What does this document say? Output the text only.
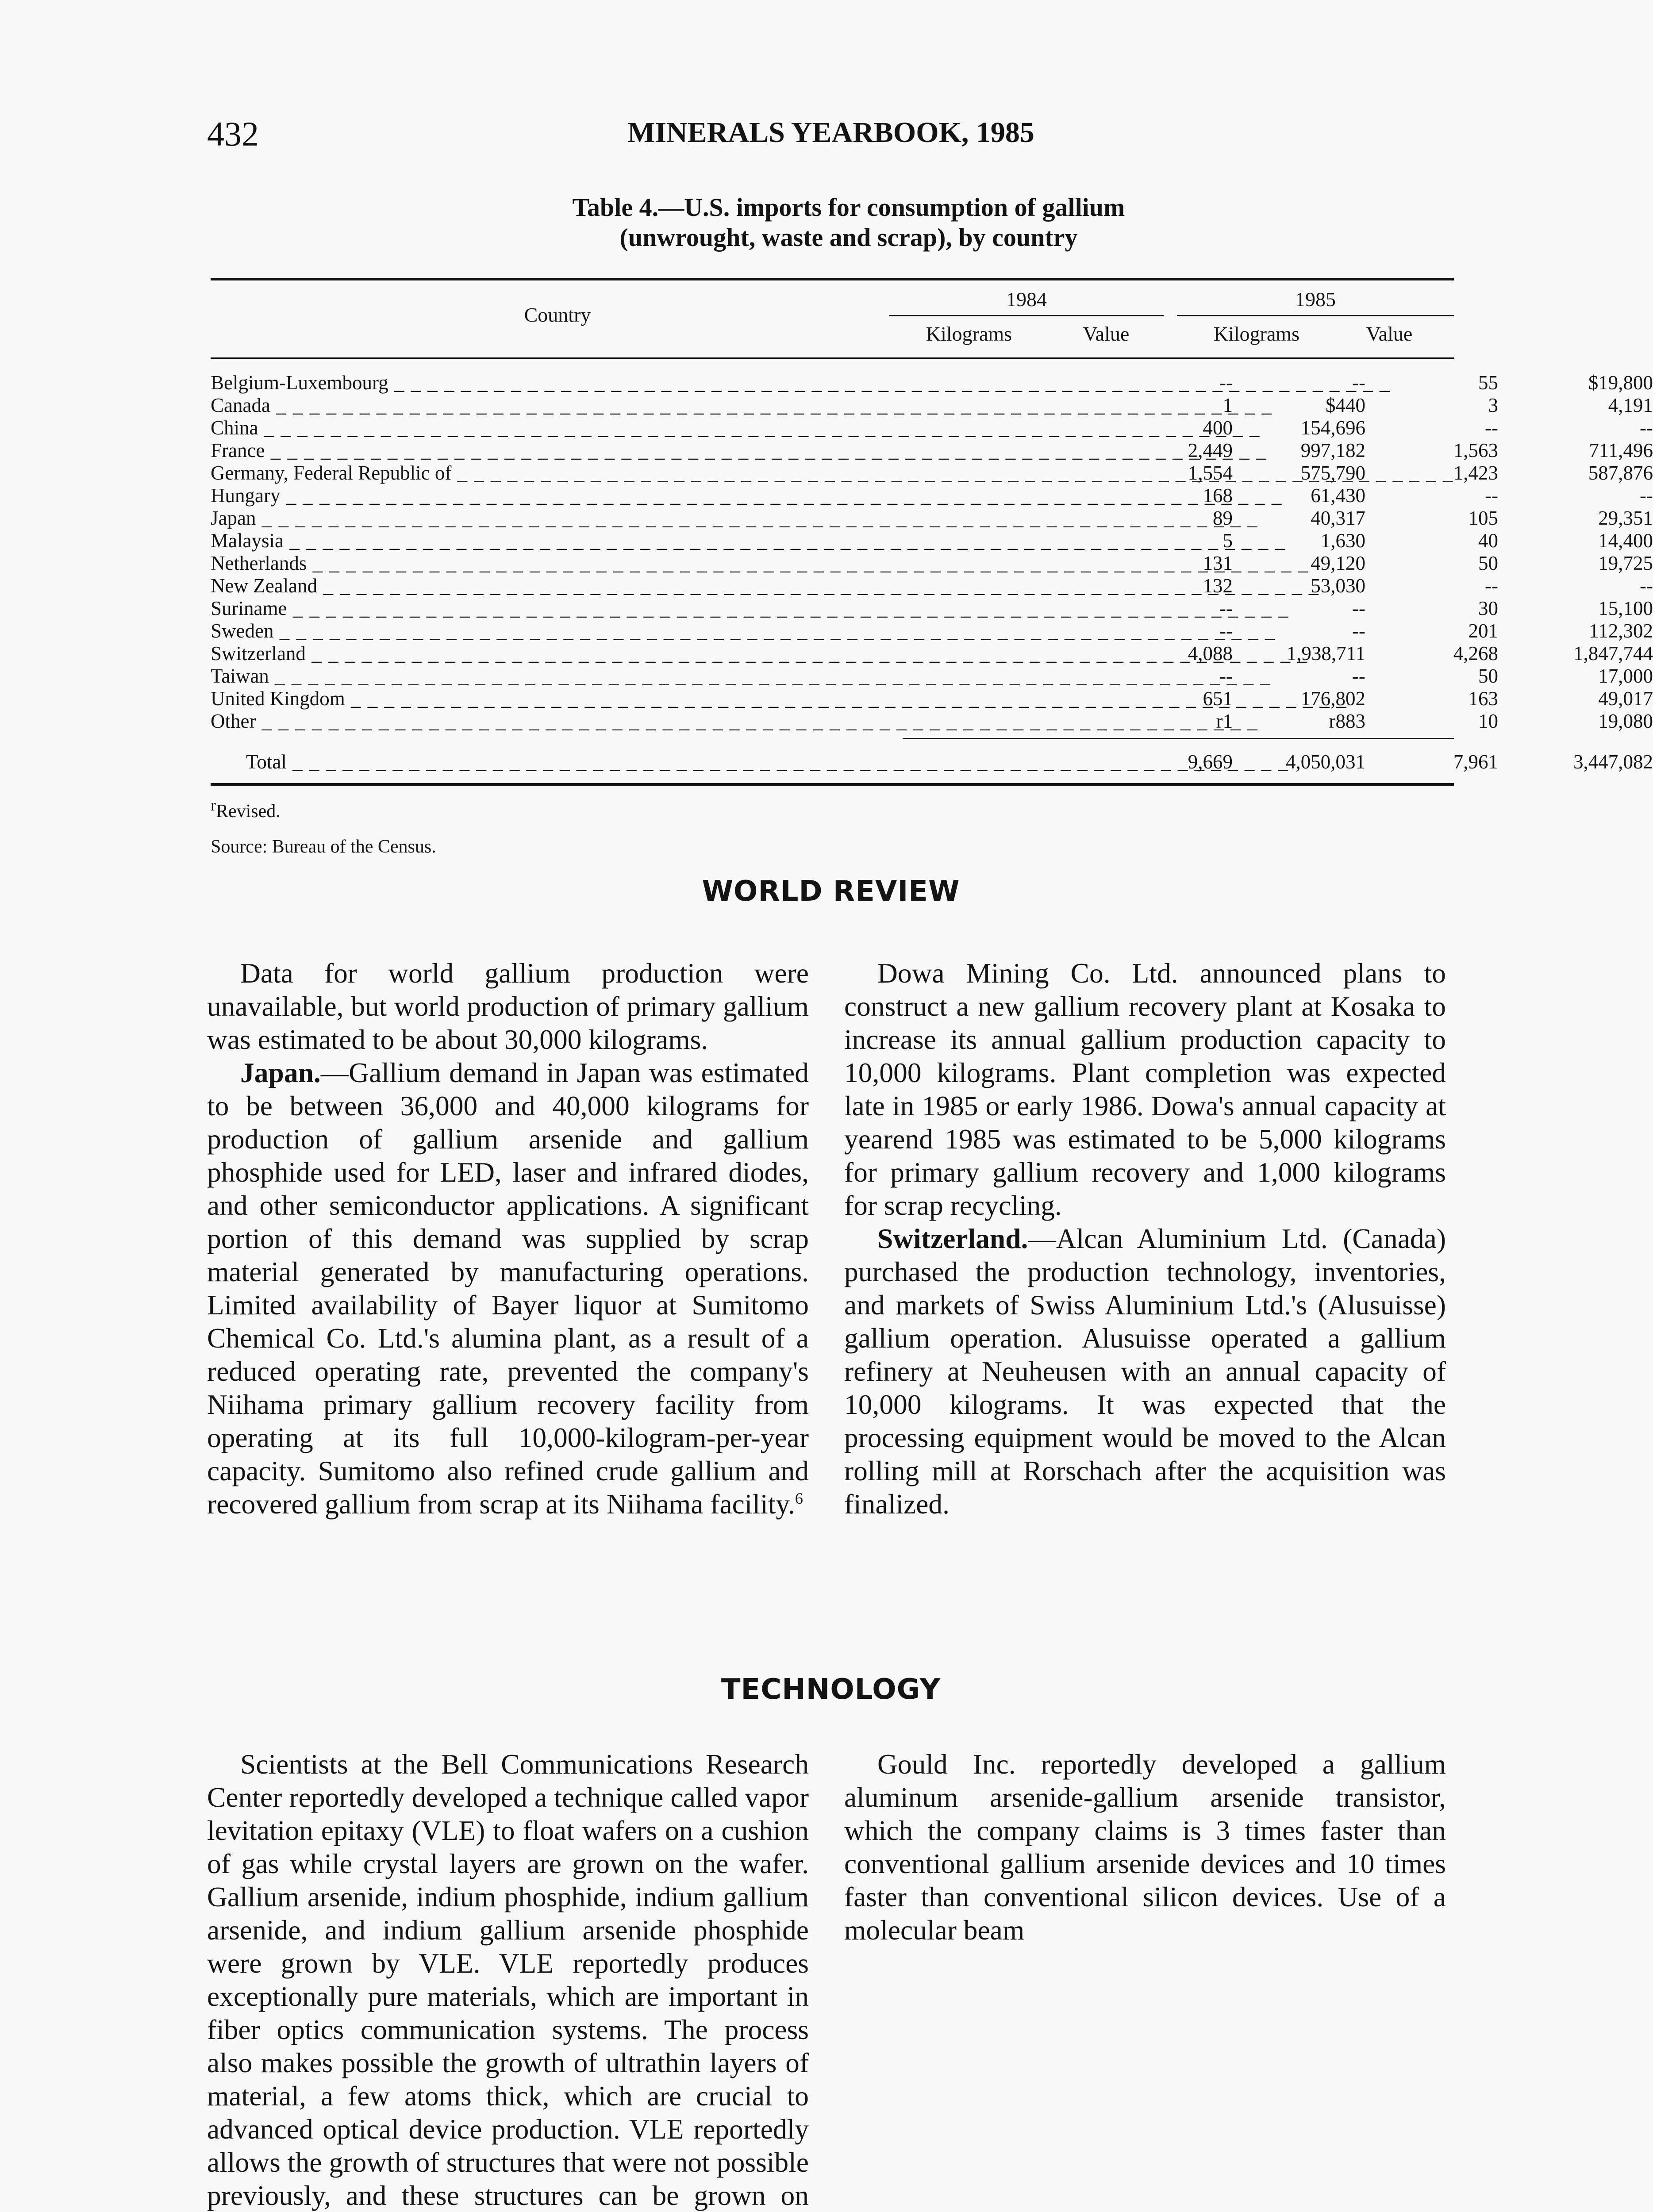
432	MINERALS YEARBOOK, 1985
Table 4.—U.S. imports for consumption of gallium
(unwrought, waste and scrap), by country
Country
1984	1985
Kilograms	Value	Kilograms	Value
Belgium-Luxembourg _ _ _	--	--	55	$19,800
Canada _ _ _	1	$440	3	4,191
China _ _ _	400	154,696	--	--
France _ _ _	2,449	997,182	1,563	711,496
Germany, Federal Republic of _ _ _	1,554	575,790	1,423	587,876
Hungary _ _ _	168	61,430	--	--
Japan _ _ _	89	40,317	105	29,351
Malaysia _ _ _	5	1,630	40	14,400
Netherlands _ _ _	131	49,120	50	19,725
New Zealand _ _ _	132	53,030	--	--
Suriname _ _ _	--	--	30	15,100
Sweden _ _ _	--	--	201	112,302
Switzerland _ _ _	4,088	1,938,711	4,268	1,847,744
Taiwan _ _ _	--	--	50	17,000
United Kingdom _ _ _	651	176,802	163	49,017
Other _ _ _	r1	r883	10	19,080
Total _ _ _	9,669	4,050,031	7,961	3,447,082
$^r$Revised.
Source: Bureau of the Census.
WORLD REVIEW

Data for world gallium production were unavailable, but world production of primary gallium was estimated to be about 30,000 kilograms.

Japan.—Gallium demand in Japan was estimated to be between 36,000 and 40,000 kilograms for production of gallium arsenide and gallium phosphide used for LED, laser and infrared diodes, and other semiconductor applications. A significant portion of this demand was supplied by scrap material generated by manufacturing operations. Limited availability of Bayer liquor at Sumitomo Chemical Co. Ltd.'s alumina plant, as a result of a reduced operating rate, prevented the company's Niihama primary gallium recovery facility from operating at its full 10,000-kilogram-per-year capacity. Sumitomo also refined crude gallium and recovered gallium from scrap at its Niihama facility.$^6$

Dowa Mining Co. Ltd. announced plans to construct a new gallium recovery plant at Kosaka to increase its annual gallium production capacity to 10,000 kilograms. Plant completion was expected late in 1985 or early 1986. Dowa's annual capacity at yearend 1985 was estimated to be 5,000 kilograms for primary gallium recovery and 1,000 kilograms for scrap recycling.

Switzerland.—Alcan Aluminium Ltd. (Canada) purchased the production technology, inventories, and markets of Swiss Aluminium Ltd.'s (Alusuisse) gallium operation. Alusuisse operated a gallium refinery at Neuheusen with an annual capacity of 10,000 kilograms. It was expected that the processing equipment would be moved to the Alcan rolling mill at Rorschach after the acquisition was finalized.

TECHNOLOGY

Scientists at the Bell Communications Research Center reportedly developed a technique called vapor levitation epitaxy (VLE) to float wafers on a cushion of gas while crystal layers are grown on the wafer. Gallium arsenide, indium phosphide, indium gallium arsenide, and indium gallium arsenide phosphide were grown by VLE. VLE reportedly produces exceptionally pure materials, which are important in fiber optics communication systems. The process also makes possible the growth of ultrathin layers of material, a few atoms thick, which are crucial to advanced optical device production. VLE reportedly allows the growth of structures that were not possible previously, and these structures can be grown on

Gould Inc. reportedly developed a gallium aluminum arsenide-gallium arsenide transistor, which the company claims is 3 times faster than conventional gallium arsenide devices and 10 times faster than conventional silicon devices. Use of a molecular beam
